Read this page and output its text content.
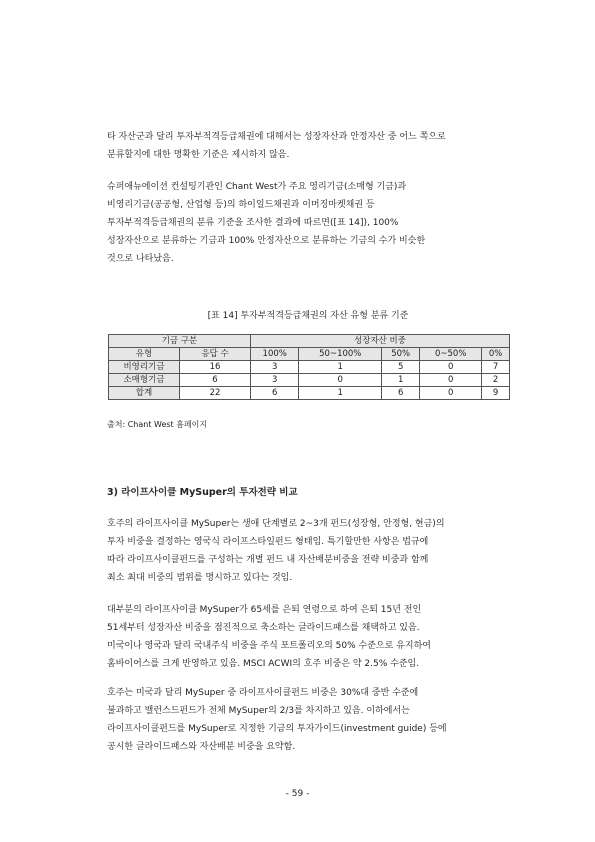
타 자산군과 달리 투자부적격등급채권에 대해서는 성장자산과 안정자산 중 어느 쪽으로
분류할지에 대한 명확한 기준은 제시하지 않음.
슈퍼애뉴에이션 컨설팅기관인 Chant West가 주요 영리기금(소매형 기금)과
비영리기금(공공형, 산업형 등)의 하이일드채권과 이머징마켓채권 등
투자부적격등급채권의 분류 기준을 조사한 결과에 따르면([표 14]), 100%
성장자산으로 분류하는 기금과 100% 안정자산으로 분류하는 기금의 수가 비슷한
것으로 나타났음.

[표 14] 투자부적격등급채권의 자산 유형 분류 기준

기금 구분		성장자산 비중				
유형	응답 수	100%	50~100%	50%	0~50%	0%
비영리기금	16	3	1	5	0	7
소매형기금	6	3	0	1	0	2
합계	22	6	1	6	0	9

출처: Chant West 홈페이지

3) 라이프사이클 MySuper의 투자전략 비교

호주의 라이프사이클 MySuper는 생애 단계별로 2~3개 펀드(성장형, 안정형, 현금)의
투자 비중을 결정하는 영국식 라이프스타일펀드 형태임. 특기할만한 사항은 법규에
따라 라이프사이클펀드를 구성하는 개별 펀드 내 자산배분비중을 전략 비중과 함께
최소 최대 비중의 범위를 명시하고 있다는 것임.
대부분의 라이프사이클 MySuper가 65세를 은퇴 연령으로 하여 은퇴 15년 전인
51세부터 성장자산 비중을 점진적으로 축소하는 글라이드패스를 채택하고 있음.
미국이나 영국과 달리 국내주식 비중을 주식 포트폴리오의 50% 수준으로 유지하여
홈바이어스를 크게 반영하고 있음. MSCI ACWI의 호주 비중은 약 2.5% 수준임.
호주는 미국과 달리 MySuper 중 라이프사이클펀드 비중은 30%대 중반 수준에
불과하고 밸런스드펀드가 전체 MySuper의 2/3를 차지하고 있음. 이하에서는
라이프사이클펀드를 MySuper로 지정한 기금의 투자가이드(investment guide) 등에
공시한 글라이드패스와 자산배분 비중을 요약함.

- 59 -
